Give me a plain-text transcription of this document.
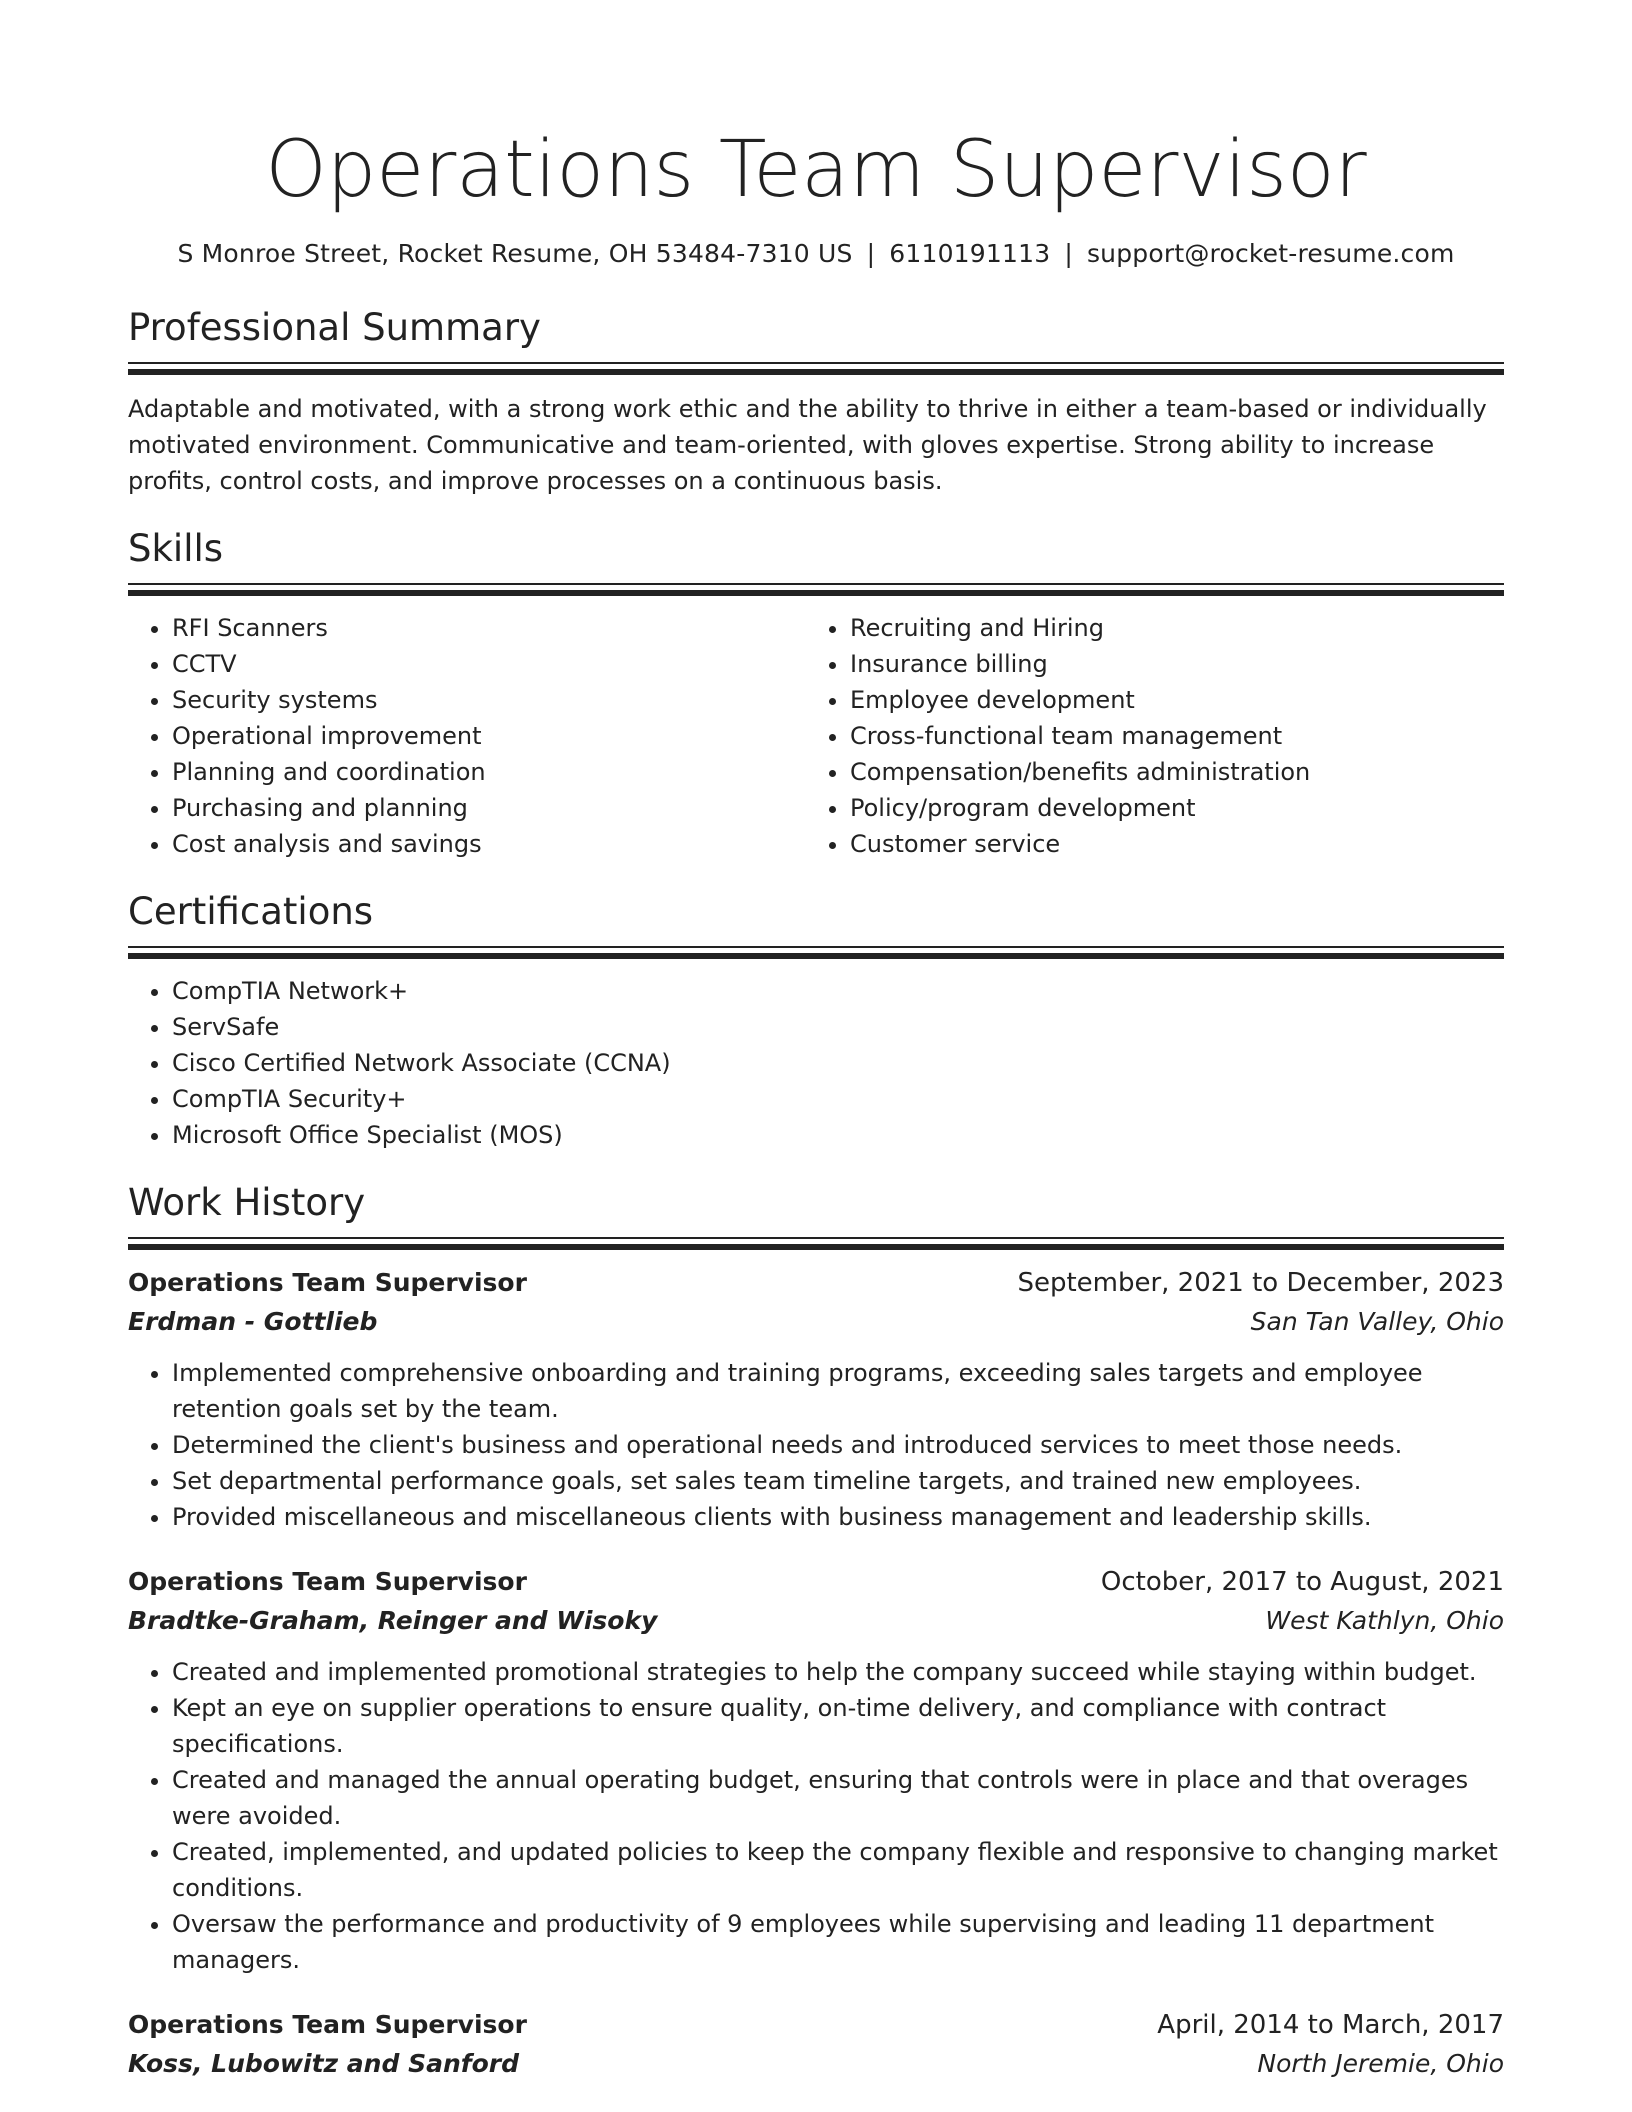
Operations Team Supervisor
S Monroe Street, Rocket Resume, OH 53484-7310 US | 6110191113 | support@rocket-resume.com
Professional Summary
Adaptable and motivated, with a strong work ethic and the ability to thrive in either a team-based or individually motivated environment. Communicative and team-oriented, with gloves expertise. Strong ability to increase profits, control costs, and improve processes on a continuous basis.
Skills
• RFI Scanners
• CCTV
• Security systems
• Operational improvement
• Planning and coordination
• Purchasing and planning
• Cost analysis and savings
• Recruiting and Hiring
• Insurance billing
• Employee development
• Cross-functional team management
• Compensation/benefits administration
• Policy/program development
• Customer service
Certifications
• CompTIA Network+
• ServSafe
• Cisco Certified Network Associate (CCNA)
• CompTIA Security+
• Microsoft Office Specialist (MOS)
Work History
Operations Team Supervisor	September, 2021 to December, 2023
Erdman - Gottlieb	San Tan Valley, Ohio
• Implemented comprehensive onboarding and training programs, exceeding sales targets and employee retention goals set by the team.
• Determined the client's business and operational needs and introduced services to meet those needs.
• Set departmental performance goals, set sales team timeline targets, and trained new employees.
• Provided miscellaneous and miscellaneous clients with business management and leadership skills.
Operations Team Supervisor	October, 2017 to August, 2021
Bradtke-Graham, Reinger and Wisoky	West Kathlyn, Ohio
• Created and implemented promotional strategies to help the company succeed while staying within budget.
• Kept an eye on supplier operations to ensure quality, on-time delivery, and compliance with contract specifications.
• Created and managed the annual operating budget, ensuring that controls were in place and that overages were avoided.
• Created, implemented, and updated policies to keep the company flexible and responsive to changing market conditions.
• Oversaw the performance and productivity of 9 employees while supervising and leading 11 department managers.
Operations Team Supervisor	April, 2014 to March, 2017
Koss, Lubowitz and Sanford	North Jeremie, Ohio
